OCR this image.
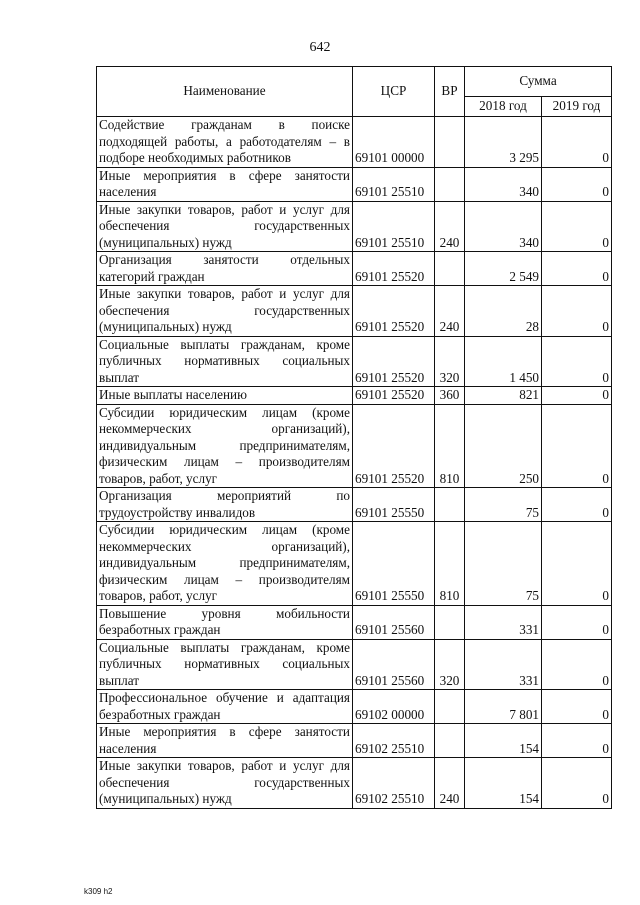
642
Наименование	ЦСР	ВР	Сумма	
			2018 год	2019 год
Содействие гражданам в поиске подходящей работы, а работодателям – в подборе необходимых работников	69101 00000		3 295	0
Иные мероприятия в сфере занятости населения	69101 25510		340	0
Иные закупки товаров, работ и услуг для обеспечения государственных (муниципальных) нужд	69101 25510	240	340	0
Организация занятости отдельных категорий граждан	69101 25520		2 549	0
Иные закупки товаров, работ и услуг для обеспечения государственных (муниципальных) нужд	69101 25520	240	28	0
Социальные выплаты гражданам, кроме публичных нормативных социальных выплат	69101 25520	320	1 450	0
Иные выплаты населению	69101 25520	360	821	0
Субсидии юридическим лицам (кроме некоммерческих организаций), индивидуальным предпринимателям, физическим лицам – производителям товаров, работ, услуг	69101 25520	810	250	0
Организация мероприятий по трудоустройству инвалидов	69101 25550		75	0
Субсидии юридическим лицам (кроме некоммерческих организаций), индивидуальным предпринимателям, физическим лицам – производителям товаров, работ, услуг	69101 25550	810	75	0
Повышение уровня мобильности безработных граждан	69101 25560		331	0
Социальные выплаты гражданам, кроме публичных нормативных социальных выплат	69101 25560	320	331	0
Профессиональное обучение и адаптация безработных граждан	69102 00000		7 801	0
Иные мероприятия в сфере занятости населения	69102 25510		154	0
Иные закупки товаров, работ и услуг для обеспечения государственных (муниципальных) нужд	69102 25510	240	154	0
k309 h2
